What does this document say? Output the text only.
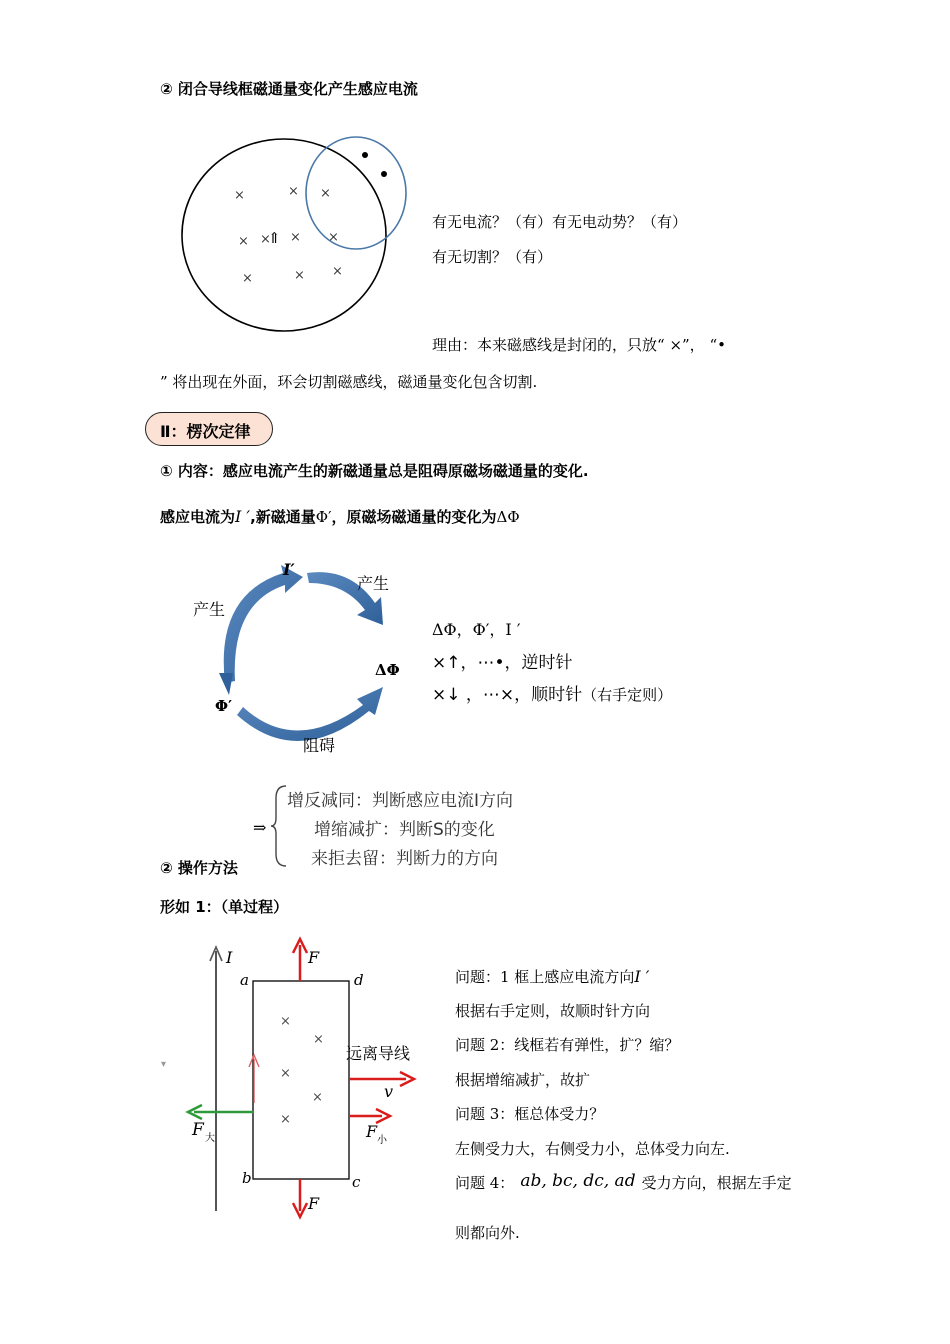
② 闭合导线框磁通量变化产生感应电流
×	× ×
× × × ×
×	× ×
⇑
有无电流？（有）有无电动势？（有）
有无切割？（有）
理由：本来磁感线是封闭的，只放“ ×”， “•
” 将出现在外面，环会切割磁感线，磁通量变化包含切割.
Ⅱ：楞次定律
① 内容：感应电流产生的新磁通量总是阻碍原磁场磁通量的变化.
感应电流为I ′,新磁通量Φ′，原磁场磁通量的变化为ΔΦ
I′
产生
产生
ΔΦ
Φ′
阻碍
ΔΦ，Φ′，I ′
×↑，⋯•，逆时针
×↓ ，⋯×，顺时针（右手定则）
⇒
增反减同：判断感应电流I方向
增缩减扩：判断S的变化
来拒去留：判断力的方向
② 操作方法
形如 1：（单过程）
I
▾
a	d
b	c
×
×
×
×
×
F
F
F 大	F 小
v
远离导线
问题：1 框上感应电流方向I ′
根据右手定则，故顺时针方向
问题 2：线框若有弹性，扩？缩？
根据增缩减扩，故扩
问题 3：框总体受力？
左侧受力大，右侧受力小，总体受力向左.
问题 4： ab, bc, dc, ad 受力方向，根据左手定
则都向外.
